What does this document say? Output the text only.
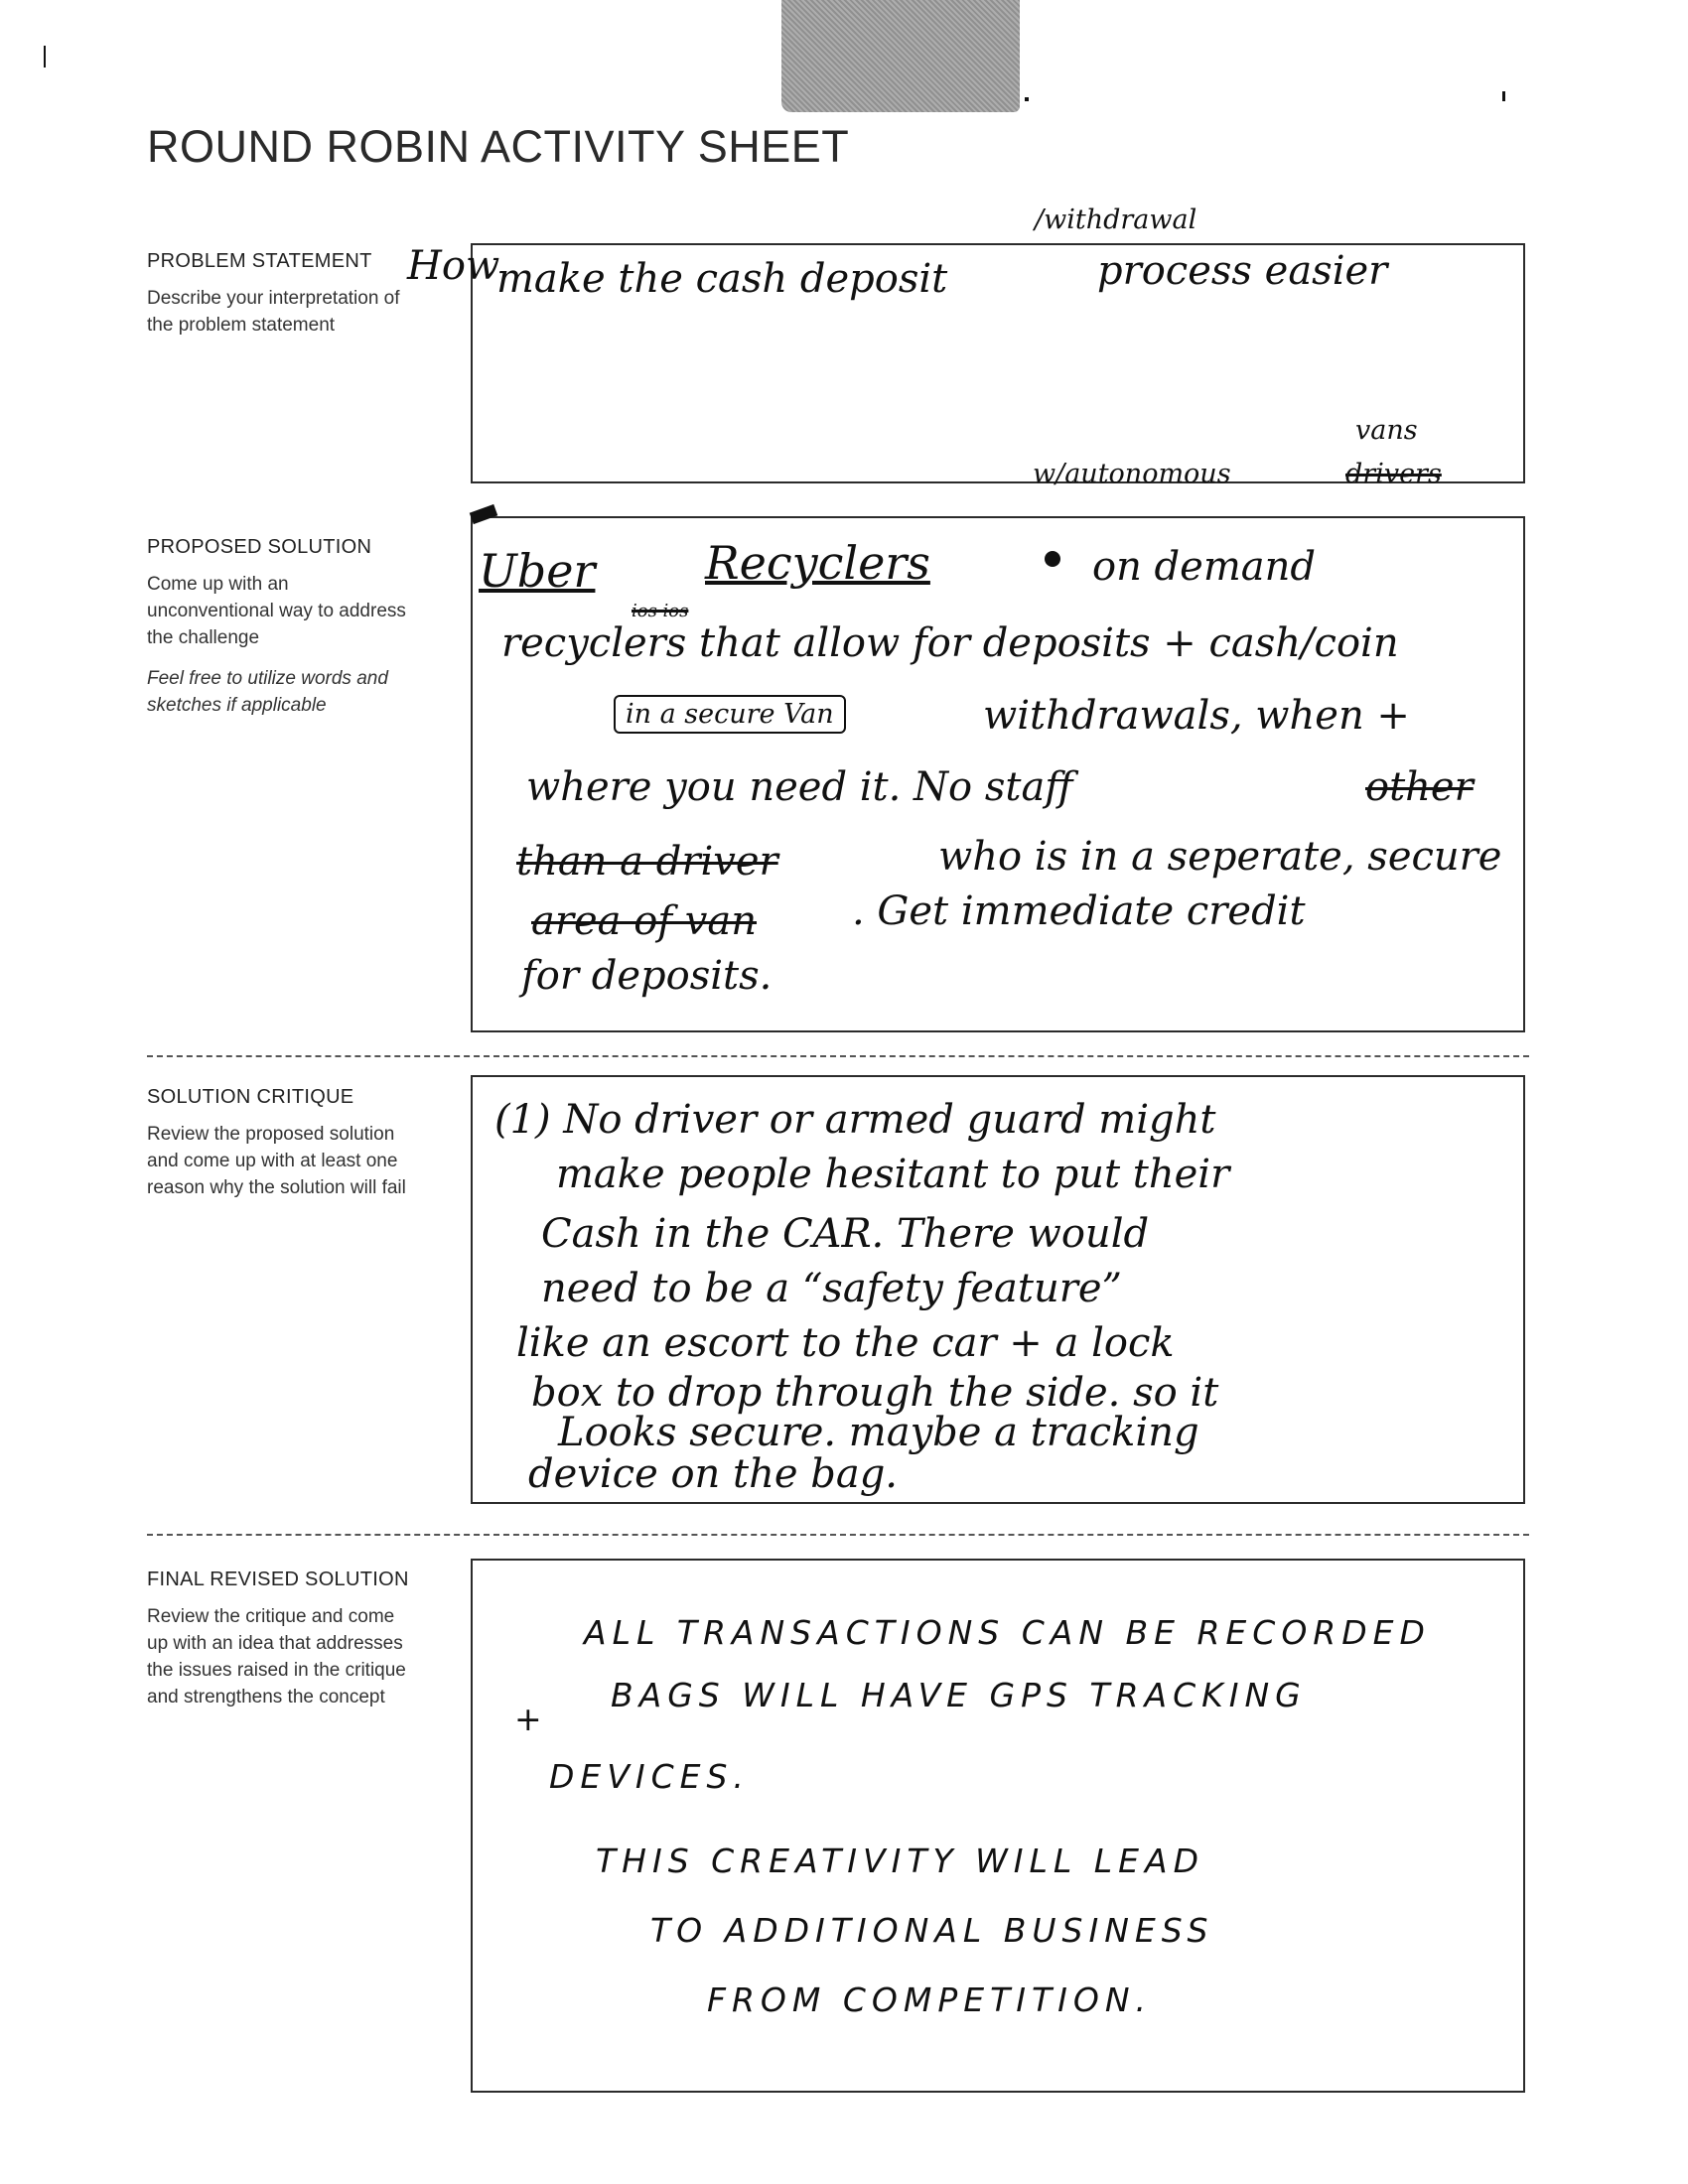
ROUND ROBIN ACTIVITY SHEET
PROBLEM STATEMENT

Describe your interpretation of the problem statement

How

make the cash deposit

/withdrawal

process easier

PROPOSED SOLUTION

Come up with an unconventional way to address the challenge

Feel free to utilize words and sketches if applicable

vans

w/autonomous	drivers

Uber Recyclers	on demand

ios ios

recyclers that allow for deposits + cash/coin

in a secure Van	withdrawals, when +

where you need it. No staff	other

than a driver	who is in a seperate, secure

area of van . Get immediate credit

for deposits.

SOLUTION CRITIQUE

Review the proposed solution and come up with at least one reason why the solution will fail

(1) No driver or armed guard might

make people hesitant to put their

Cash in the CAR. There would

need to be a “safety feature”

like an escort to the car + a lock

box to drop through the side. so it

Looks secure. maybe a tracking

device on the bag.

FINAL REVISED SOLUTION

Review the critique and come up with an idea that addresses the issues raised in the critique and strengthens the concept

ALL TRANSACTIONS CAN BE RECORDED

+

BAGS WILL HAVE GPS TRACKING

DEVICES.

THIS CREATIVITY WILL LEAD

TO ADDITIONAL BUSINESS

FROM COMPETITION.
